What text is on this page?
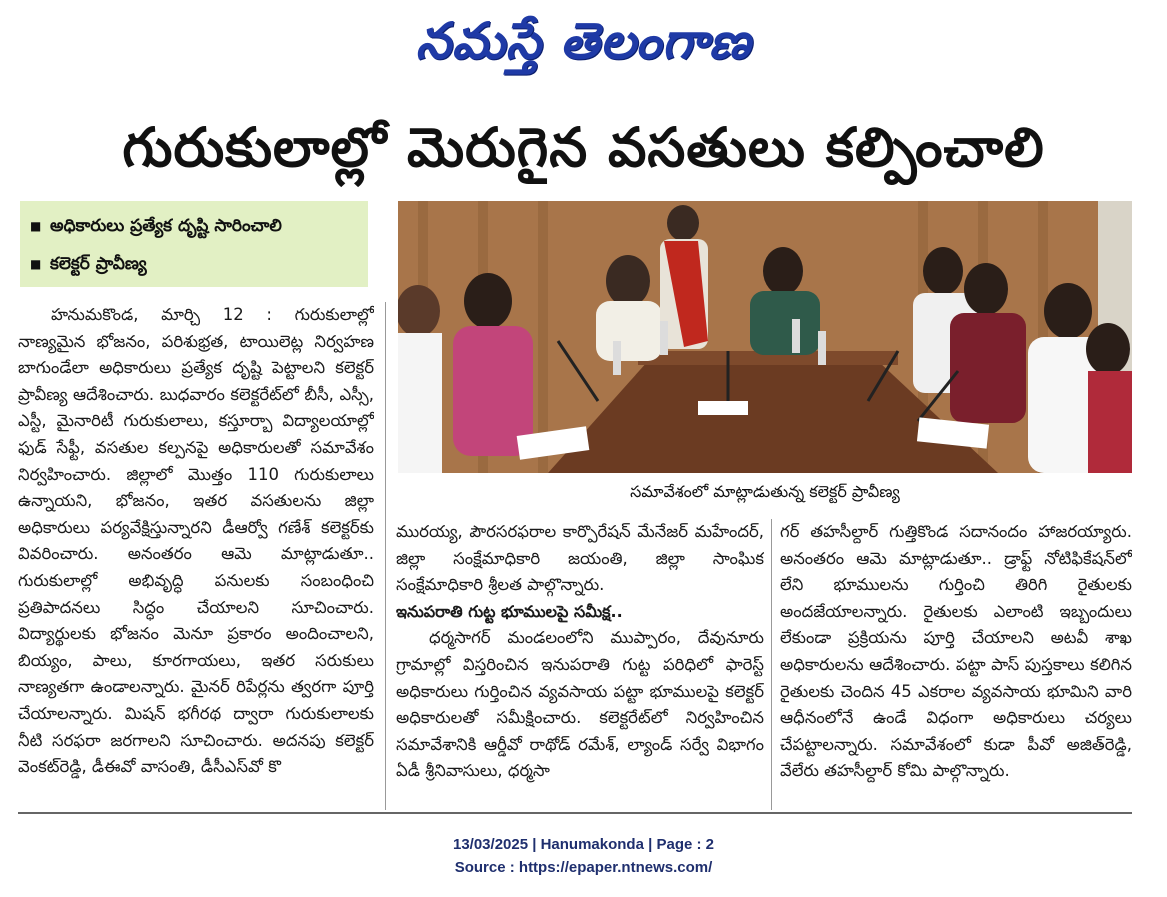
నమస్తే తెలంగాణ
గురుకులాల్లో మెరుగైన వసతులు కల్పించాలి
■ అధికారులు ప్రత్యేక దృష్టి సారించాలి
■ కలెక్టర్ ప్రావీణ్య
హనుమకొండ, మార్చి 12 : గురుకులాల్లో నాణ్యమైన భోజనం, పరిశుభ్రత, టాయిలెట్ల నిర్వహణ బాగుండేలా అధికారులు ప్రత్యేక దృష్టి పెట్టాలని కలెక్టర్ ప్రావీణ్య ఆదేశించారు. బుధవారం కలెక్టరేట్‌లో బీసీ, ఎస్సీ, ఎస్టీ, మైనారిటీ గురుకులాలు, కస్తూర్బా విద్యాలయాల్లో ఫుడ్ సేఫ్టీ, వసతుల కల్పనపై అధికారులతో సమావేశం నిర్వహించారు. జిల్లాలో మొత్తం 110 గురుకులాలు ఉన్నాయని, భోజనం, ఇతర వసతులను జిల్లా అధికారులు పర్యవేక్షిస్తున్నారని డీఆర్వో గణేశ్ కలెక్టర్‌కు వివరించారు. అనంతరం ఆమె మాట్లాడుతూ.. గురుకులాల్లో అభివృద్ధి పనులకు సంబంధించి ప్రతిపాదనలు సిద్ధం చేయాలని సూచించారు. విద్యార్థులకు భోజనం మెనూ ప్రకారం అందించాలని, బియ్యం, పాలు, కూరగాయలు, ఇతర సరుకులు నాణ్యతగా ఉండాలన్నారు. మైనర్ రిపేర్లను త్వరగా పూర్తి చేయాలన్నారు. మిషన్ భగీరథ ద్వారా గురుకులాలకు నీటి సరఫరా జరగాలని సూచించారు. అదనపు కలెక్టర్ వెంకట్‌రెడ్డి, డీఈవో వాసంతి, డీసీఎస్‌వో కొ
సమావేశంలో మాట్లాడుతున్న కలెక్టర్ ప్రావీణ్య

మురయ్య, పౌరసరఫరాల కార్పొరేషన్ మేనేజర్ మహేందర్, జిల్లా సంక్షేమాధికారి జయంతి, జిల్లా సాంఘిక సంక్షేమాధికారి శ్రీలత పాల్గొన్నారు.

ఇనుపరాతి గుట్ట భూములపై సమీక్ష..

ధర్మసాగర్ మండలంలోని ముప్పారం, దేవునూరు గ్రామాల్లో విస్తరించిన ఇనుపరాతి గుట్ట పరిధిలో ఫారెస్ట్ అధికారులు గుర్తించిన వ్యవసాయ పట్టా భూములపై కలెక్టర్ అధికారులతో సమీక్షించారు. కలెక్టరేట్‌లో నిర్వహించిన సమావేశానికి ఆర్డీవో రాథోడ్ రమేశ్, ల్యాండ్ సర్వే విభాగం ఏడీ శ్రీనివాసులు, ధర్మసా

గర్ తహసీల్దార్ గుత్తికొండ సదానందం హాజరయ్యారు. అనంతరం ఆమె మాట్లాడుతూ.. డ్రాఫ్ట్ నోటిఫికేషన్‌లో లేని భూములను గుర్తించి తిరిగి రైతులకు అందజేయాలన్నారు. రైతులకు ఎలాంటి ఇబ్బందులు లేకుండా ప్రక్రియను పూర్తి చేయాలని అటవీ శాఖ అధికారులను ఆదేశించారు. పట్టా పాస్ పుస్తకాలు కలిగిన రైతులకు చెందిన 45 ఎకరాల వ్యవసాయ భూమిని వారి ఆధీనంలోనే ఉండే విధంగా అధికారులు చర్యలు చేపట్టాలన్నారు. సమావేశంలో కుడా పీవో అజిత్‌రెడ్డి, వేలేరు తహసీల్దార్ కోమి పాల్గొన్నారు.
13/03/2025 | Hanumakonda | Page : 2
Source : https://epaper.ntnews.com/
